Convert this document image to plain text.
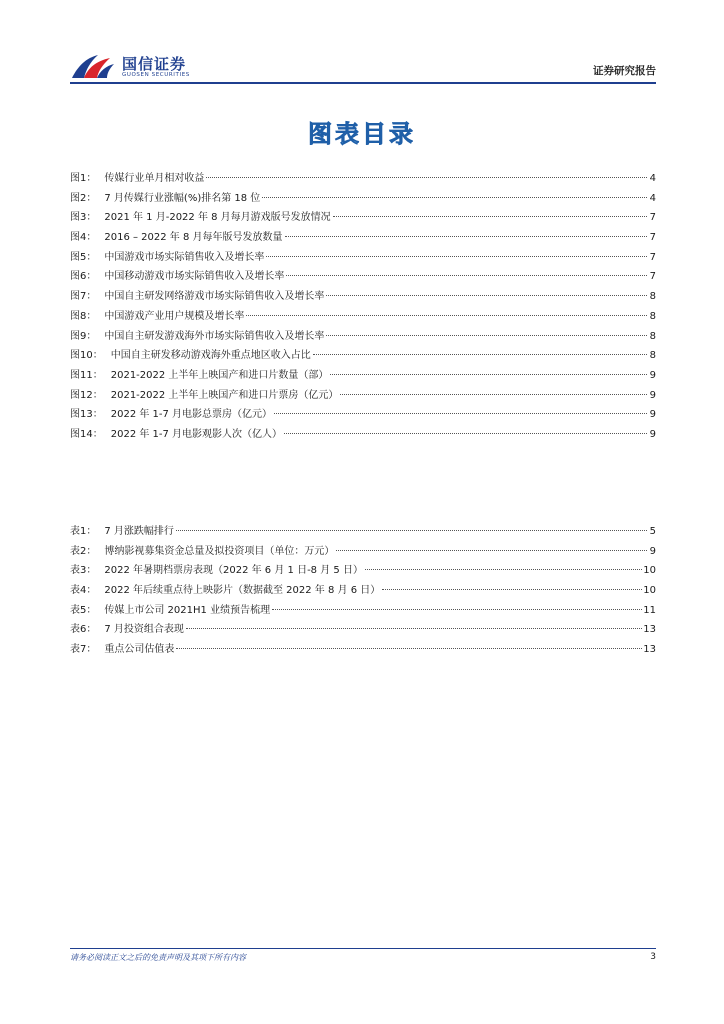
国信证券
GUOSEN SECURITIES	证券研究报告
图表目录
图1： 传媒行业单月相对收益	4
图2： 7 月传媒行业涨幅(%)排名第 18 位	4
图3： 2021 年 1 月-2022 年 8 月每月游戏版号发放情况	7
图4： 2016 – 2022 年 8 月每年版号发放数量	7
图5： 中国游戏市场实际销售收入及增长率	7
图6： 中国移动游戏市场实际销售收入及增长率	7
图7： 中国自主研发网络游戏市场实际销售收入及增长率	8
图8： 中国游戏产业用户规模及增长率	8
图9： 中国自主研发游戏海外市场实际销售收入及增长率	8
图10： 中国自主研发移动游戏海外重点地区收入占比	8
图11： 2021-2022 上半年上映国产和进口片数量（部）	9
图12： 2021-2022 上半年上映国产和进口片票房（亿元）	9
图13： 2022 年 1-7 月电影总票房（亿元）	9
图14： 2022 年 1-7 月电影观影人次（亿人）	9
表1： 7 月涨跌幅排行	5
表2： 博纳影视募集资金总量及拟投资项目（单位：万元）	9
表3： 2022 年暑期档票房表现（2022 年 6 月 1 日-8 月 5 日）	10
表4： 2022 年后续重点待上映影片（数据截至 2022 年 8 月 6 日）	10
表5： 传媒上市公司 2021H1 业绩预告梳理	11
表6： 7 月投资组合表现	13
表7： 重点公司估值表	13
请务必阅读正文之后的免责声明及其项下所有内容	3
